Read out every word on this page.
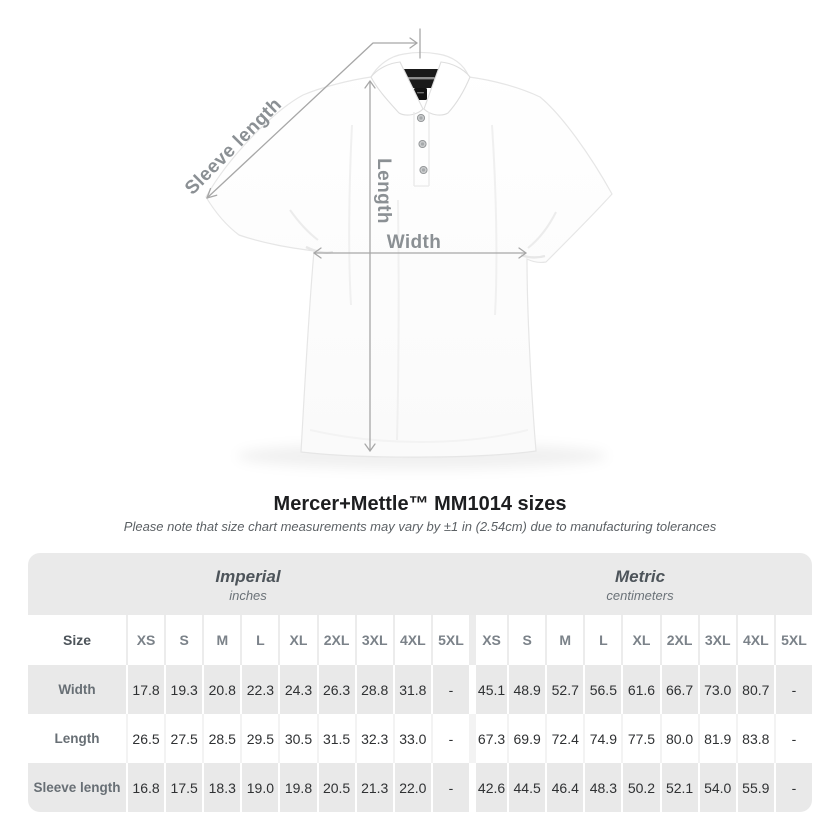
Sleeve length	Length
Width
Mercer+Mettle™ MM1014 sizes

Please note that size chart measurements may vary by ±1 in (2.54cm) due to manufacturing tolerances

Imperial
inches
Metric
centimeters
Size	XS	S	M	L	XL	2XL	3XL	4XL	5XL	XS	S	M	L	XL	2XL	3XL	4XL	5XL
Width	17.8	19.3	20.8	22.3	24.3	26.3	28.8	31.8	-	45.1	48.9	52.7	56.5	61.6	66.7	73.0	80.7	-
Length	26.5	27.5	28.5	29.5	30.5	31.5	32.3	33.0	-	67.3	69.9	72.4	74.9	77.5	80.0	81.9	83.8	-
Sleeve length	16.8	17.5	18.3	19.0	19.8	20.5	21.3	22.0	-	42.6	44.5	46.4	48.3	50.2	52.1	54.0	55.9	-
